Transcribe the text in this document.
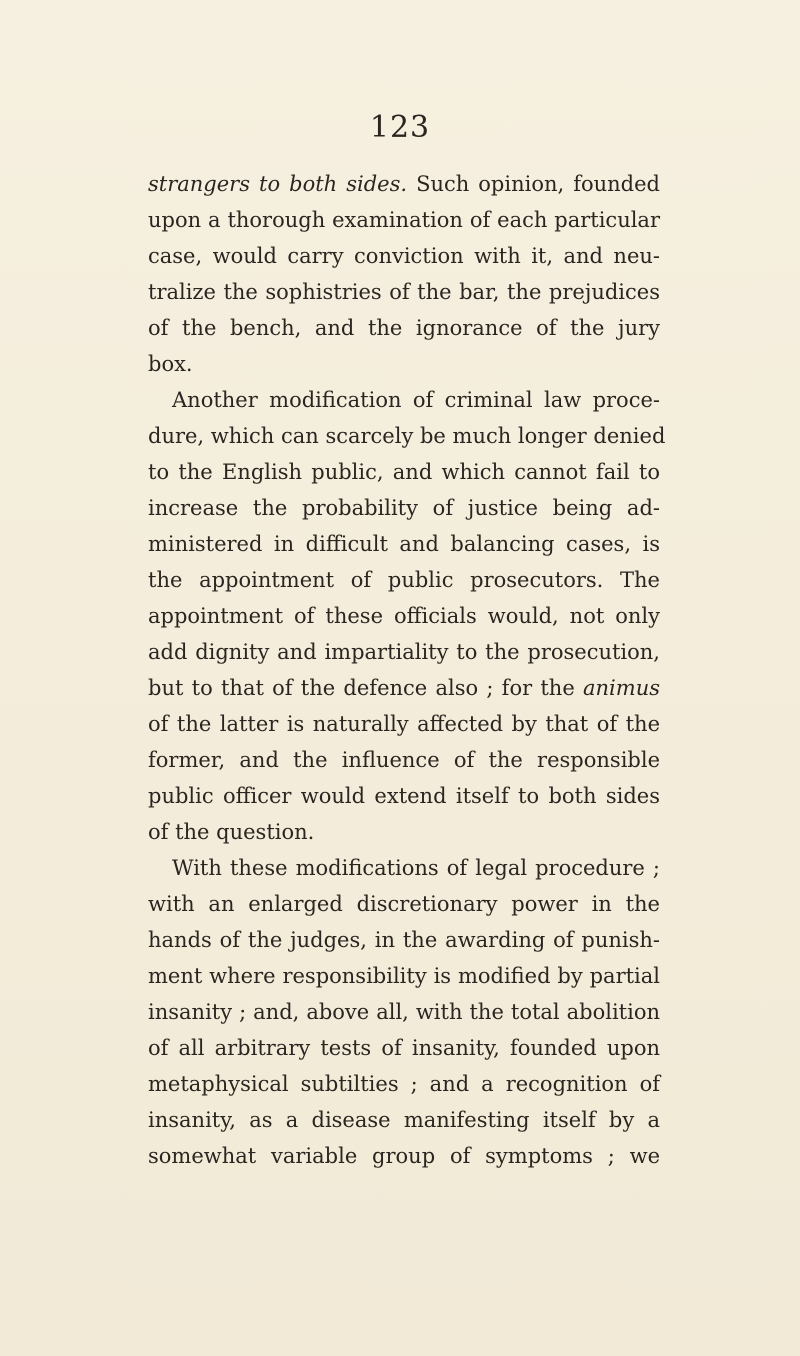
123

strangers to both sides. Such opinion, founded
upon a thorough examination of each particular
case, would carry conviction with it, and neu-
tralize the sophistries of the bar, the prejudices
of the bench, and the ignorance of the jury
box.

Another modification of criminal law proce-
dure, which can scarcely be much longer denied
to the English public, and which cannot fail to
increase the probability of justice being ad-
ministered in difficult and balancing cases, is
the appointment of public prosecutors. The
appointment of these officials would, not only
add dignity and impartiality to the prosecution,
but to that of the defence also ; for the animus
of the latter is naturally affected by that of the
former, and the influence of the responsible
public officer would extend itself to both sides
of the question.

With these modifications of legal procedure ;
with an enlarged discretionary power in the
hands of the judges, in the awarding of punish-
ment where responsibility is modified by partial
insanity ; and, above all, with the total abolition
of all arbitrary tests of insanity, founded upon
metaphysical subtilties ; and a recognition of
insanity, as a disease manifesting itself by a
somewhat variable group of symptoms ; we
